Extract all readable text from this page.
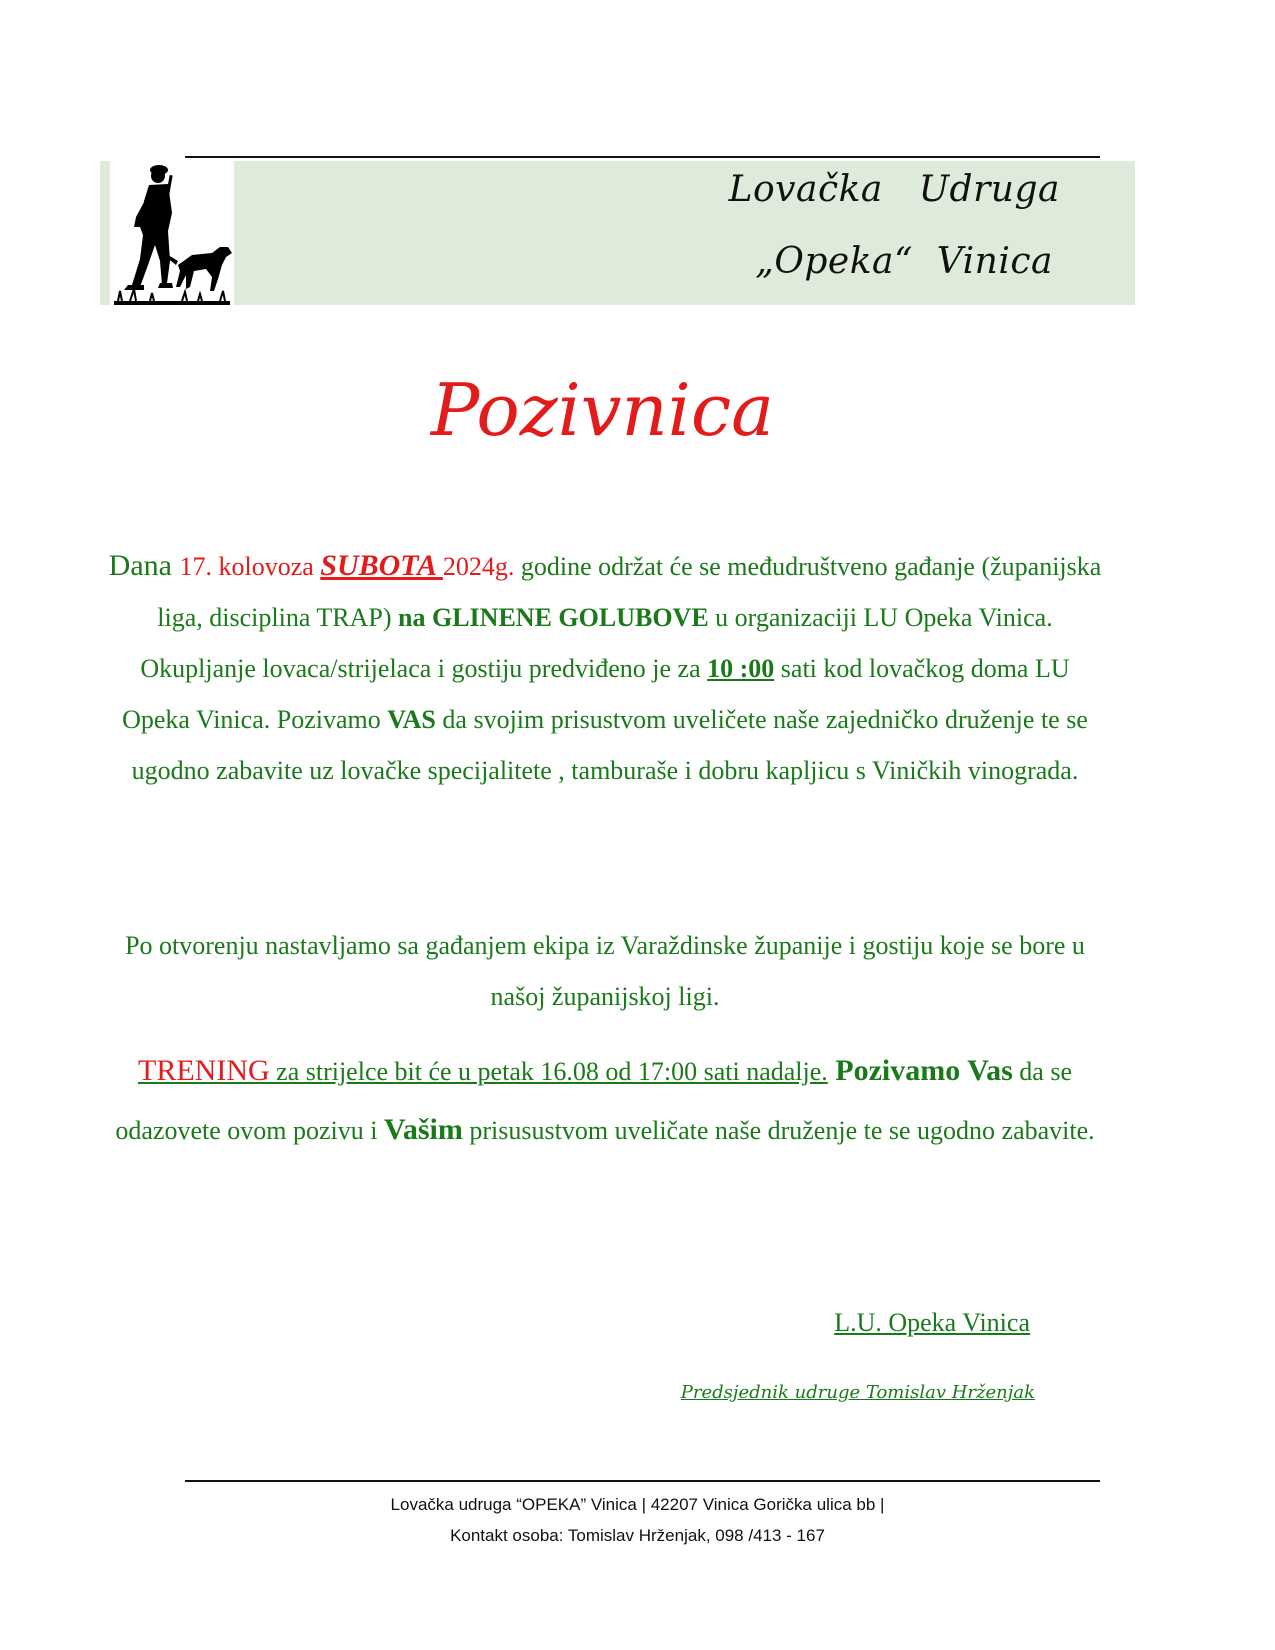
Lovačka   Udruga
„Opeka“  Vinica
Pozivnica

Dana 17. kolovoza SUBOTA 2024g. godine održat će se međudruštveno gađanje (županijska liga, disciplina TRAP) na GLINENE GOLUBOVE u organizaciji LU Opeka Vinica. Okupljanje lovaca/strijelaca i gostiju predviđeno je za 10 :00 sati kod lovačkog doma LU Opeka Vinica. Pozivamo VAS da svojim prisustvom uveličete naše zajedničko druženje te se ugodno zabavite uz lovačke specijalitete , tamburaše i dobru kapljicu s Viničkih vinograda.

Po otvorenju nastavljamo sa gađanjem ekipa iz Varaždinske županije i gostiju koje se bore u našoj županijskoj ligi.

TRENING za strijelce bit će u petak 16.08 od 17:00 sati nadalje. Pozivamo Vas da se odazovete ovom pozivu i Vašim prisusustvom uveličate naše druženje te se ugodno zabavite.

L.U. Opeka Vinica
Predsjednik udruge Tomislav Hrženjak
Lovačka udruga “OPEKA” Vinica | 42207 Vinica Gorička ulica bb |
Kontakt osoba: Tomislav Hrženjak, 098 /413 - 167
